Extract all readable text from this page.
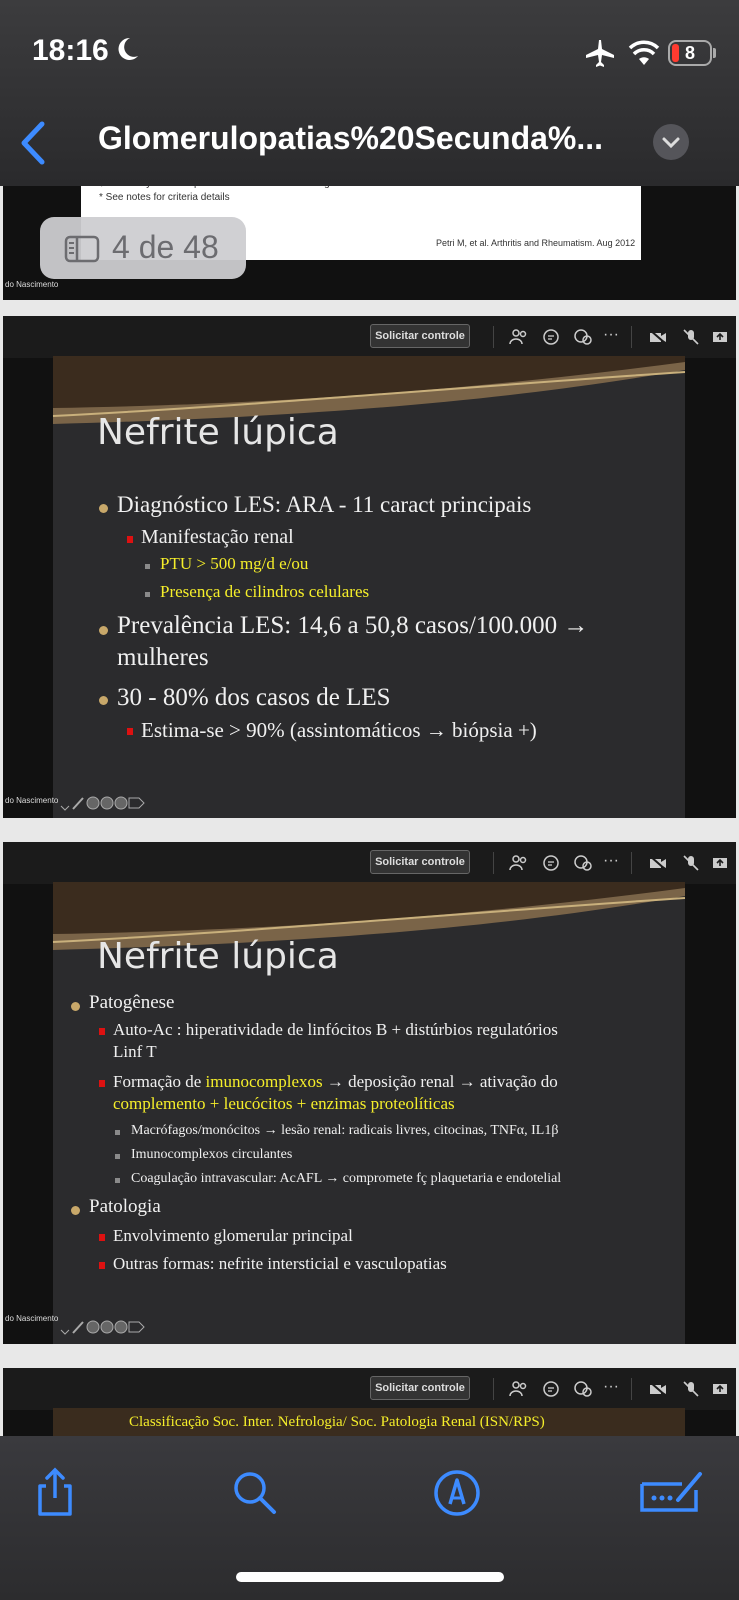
18:16	8
Glomerulopatias%20Secunda%...
* See notes for criteria details
Petri M, et al. Arthritis and Rheumatism. Aug 2012
do Nascimento
4 de 48
Solicitar controle	···
Nefrite lúpica
Diagnóstico LES: ARA - 11 caract principais
Manifestação renal
PTU > 500 mg/d e/ou
Presença de cilindros celulares
Prevalência LES: 14,6 a 50,8 casos/100.000 →
mulheres
30 - 80% dos casos de LES
Estima-se > 90% (assintomáticos → biópsia +)
do Nascimento
Solicitar controle	···
Nefrite lúpica
Patogênese
Auto-Ac : hiperatividade de linfócitos B + distúrbios regulatórios
Linf T
Formação de imunocomplexos → deposição renal → ativação do
complemento + leucócitos + enzimas proteolíticas
Macrófagos/monócitos → lesão renal: radicais livres, citocinas, TNFα, IL1β
Imunocomplexos circulantes
Coagulação intravascular: AcAFL → compromete fç plaquetaria e endotelial
Patologia
Envolvimento glomerular principal
Outras formas: nefrite intersticial e vasculopatias
do Nascimento
Solicitar controle	···
Classificação Soc. Inter. Nefrologia/ Soc. Patologia Renal (ISN/RPS)
